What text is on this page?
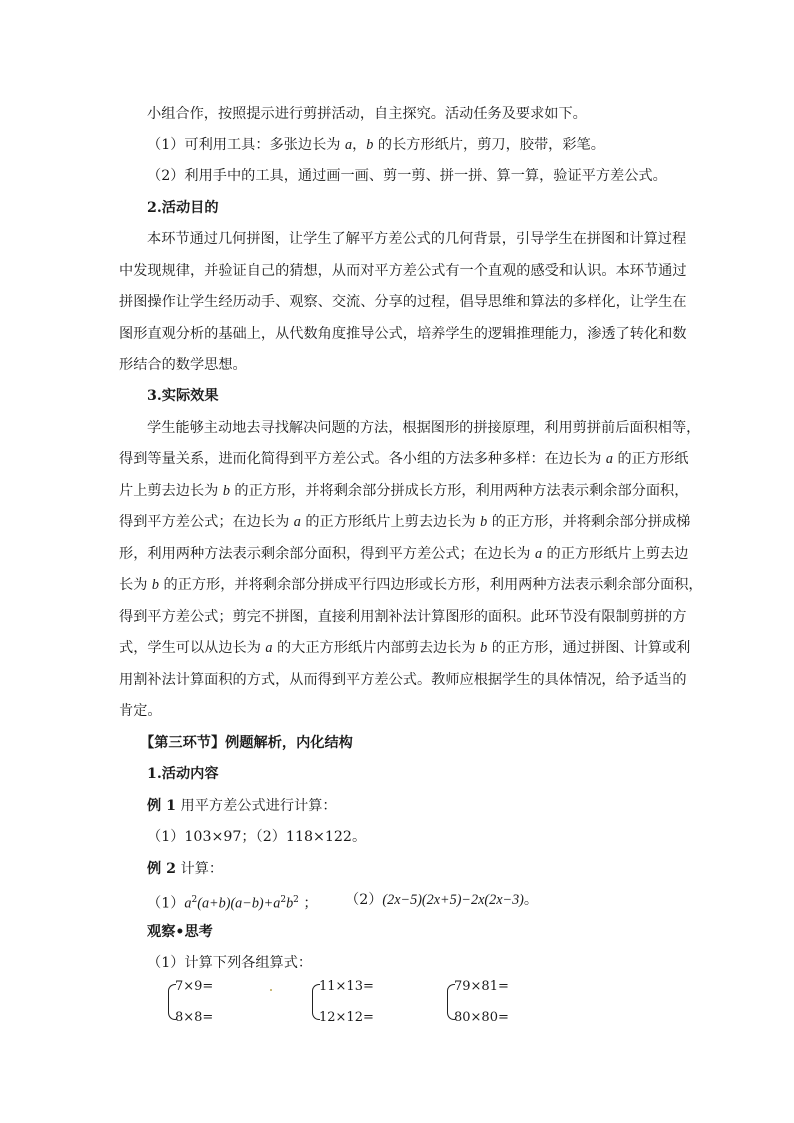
小组合作，按照提示进行剪拼活动，自主探究。活动任务及要求如下。
（1）可利用工具：多张边长为 a，b 的长方形纸片，剪刀，胶带，彩笔。
（2）利用手中的工具，通过画一画、剪一剪、拼一拼、算一算，验证平方差公式。
2.活动目的
本环节通过几何拼图，让学生了解平方差公式的几何背景，引导学生在拼图和计算过程
中发现规律，并验证自己的猜想，从而对平方差公式有一个直观的感受和认识。本环节通过
拼图操作让学生经历动手、观察、交流、分享的过程，倡导思维和算法的多样化，让学生在
图形直观分析的基础上，从代数角度推导公式，培养学生的逻辑推理能力，渗透了转化和数
形结合的数学思想。
3.实际效果
学生能够主动地去寻找解决问题的方法，根据图形的拼接原理，利用剪拼前后面积相等，
得到等量关系，进而化简得到平方差公式。各小组的方法多种多样：在边长为 a 的正方形纸
片上剪去边长为 b 的正方形，并将剩余部分拼成长方形，利用两种方法表示剩余部分面积，
得到平方差公式；在边长为 a 的正方形纸片上剪去边长为 b 的正方形，并将剩余部分拼成梯
形，利用两种方法表示剩余部分面积，得到平方差公式；在边长为 a 的正方形纸片上剪去边
长为 b 的正方形，并将剩余部分拼成平行四边形或长方形，利用两种方法表示剩余部分面积，
得到平方差公式；剪完不拼图，直接利用割补法计算图形的面积。此环节没有限制剪拼的方
式，学生可以从边长为 a 的大正方形纸片内部剪去边长为 b 的正方形，通过拼图、计算或利
用割补法计算面积的方式，从而得到平方差公式。教师应根据学生的具体情况，给予适当的
肯定。
【第三环节】例题解析，内化结构
1.活动内容
例 1 用平方差公式进行计算：
（1）103×97；（2）118×122。
例 2 计算：
$(1)a^2(a+b)(a-b)+a^2b^2$ ； （2）(2x−5)(2x+5)−2x(2x−3)。
观察•思考
（1）计算下列各组算式：
7×9=
8×8=
11×13=
12×12=
79×81=
80×80=
